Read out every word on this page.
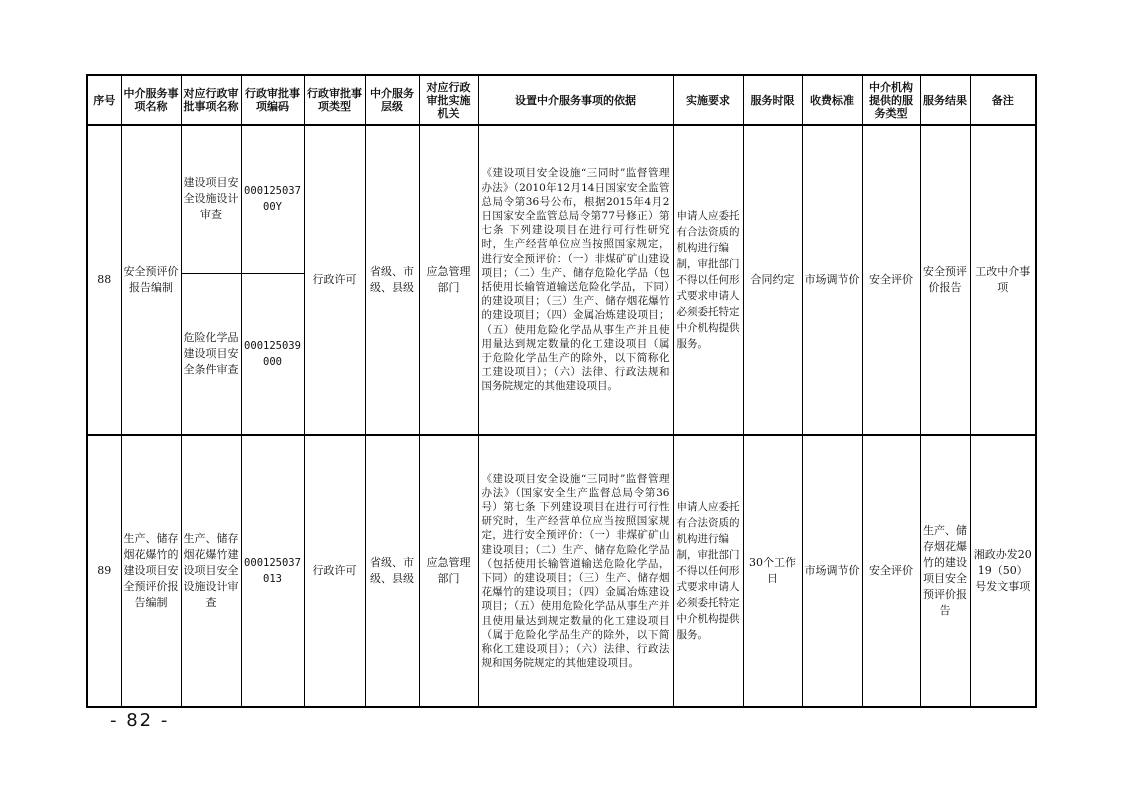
序号	中介服务事项名称	对应行政审批事项名称	行政审批事项编码	行政审批事项类型	中介服务层级	对应行政审批实施机关	设置中介服务事项的依据	实施要求	服务时限	收费标准	中介机构提供的服务类型	服务结果	备注
88	安全预评价报告编制	建设项目安全设施设计审查	00012503700Y	行政许可	省级、市级、县级	应急管理部门	《建设项目安全设施“三同时”监督管理办法》（2010年12月14日国家安全监管总局令第36号公布，根据2015年4月2日国家安全监管总局令第77号修正）第七条 下列建设项目在进行可行性研究时，生产经营单位应当按照国家规定，进行安全预评价：（一）非煤矿矿山建设项目；（二）生产、储存危险化学品（包括使用长输管道输送危险化学品，下同）的建设项目；（三）生产、储存烟花爆竹的建设项目；（四）金属冶炼建设项目；（五）使用危险化学品从事生产并且使用量达到规定数量的化工建设项目（属于危险化学品生产的除外，以下简称化工建设项目）；（六）法律、行政法规和国务院规定的其他建设项目。	申请人应委托有合法资质的机构进行编制，审批部门不得以任何形式要求申请人必须委托特定中介机构提供服务。	合同约定	市场调节价	安全评价	安全预评价报告	工改中介事项
		危险化学品建设项目安全条件审查	000125039000										
89	生产、储存烟花爆竹的建设项目安全预评价报告编制	生产、储存烟花爆竹建设项目安全设施设计审查	000125037013	行政许可	省级、市级、县级	应急管理部门	《建设项目安全设施“三同时”监督管理办法》（国家安全生产监督总局令第36号）第七条 下列建设项目在进行可行性研究时，生产经营单位应当按照国家规定，进行安全预评价：（一）非煤矿矿山建设项目；（二）生产、储存危险化学品（包括使用长输管道输送危险化学品，下同）的建设项目；（三）生产、储存烟花爆竹的建设项目；（四）金属冶炼建设项目；（五）使用危险化学品从事生产并且使用量达到规定数量的化工建设项目（属于危险化学品生产的除外，以下简称化工建设项目）；（六）法律、行政法规和国务院规定的其他建设项目。	申请人应委托有合法资质的机构进行编制，审批部门不得以任何形式要求申请人必须委托特定中介机构提供服务。	30个工作日	市场调节价	安全评价	生产、储存烟花爆竹的建设项目安全预评价报告	湘政办发2019（50）号发文事项
- 82 -
